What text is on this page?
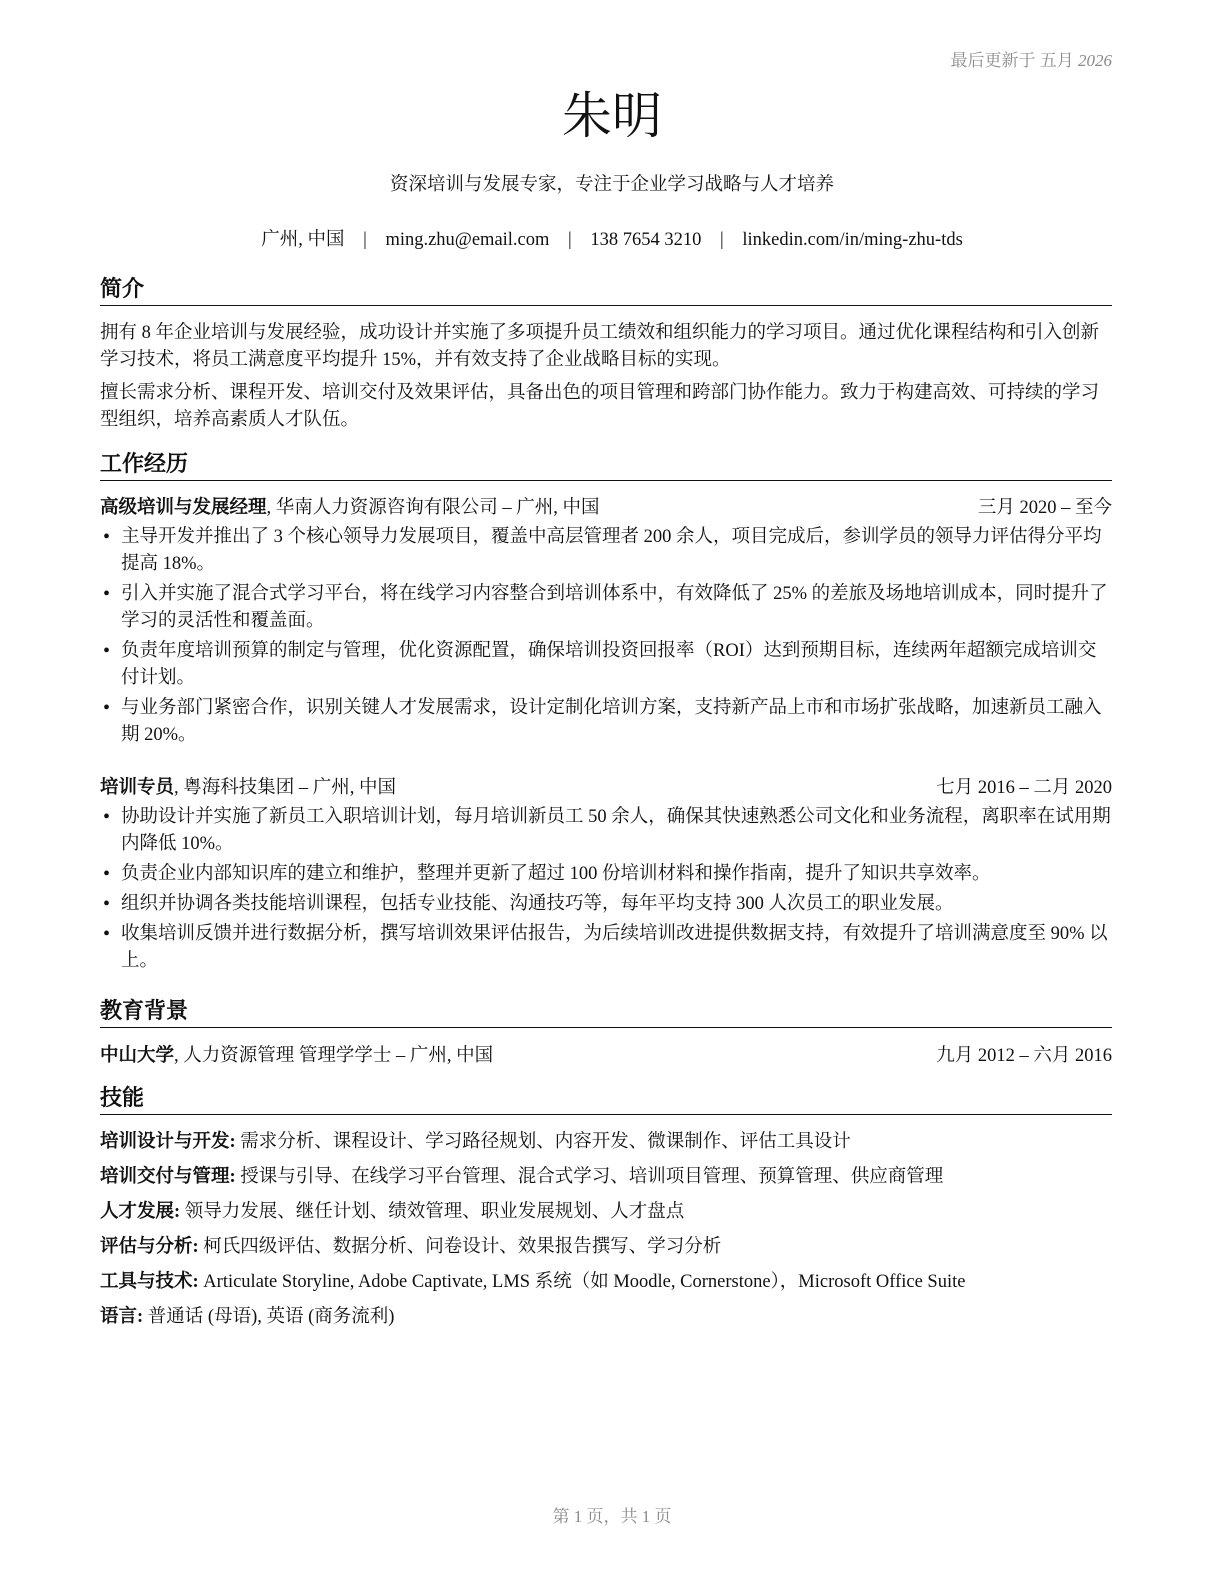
最后更新于 五月 2026
朱明
资深培训与发展专家，专注于企业学习战略与人才培养
广州, 中国 | ming.zhu@email.com | 138 7654 3210 | linkedin.com/in/ming-zhu-tds
简介

拥有 8 年企业培训与发展经验，成功设计并实施了多项提升员工绩效和组织能力的学习项目。通过优化课程结构和引入创新学习技术，将员工满意度平均提升 15%，并有效支持了企业战略目标的实现。

擅长需求分析、课程开发、培训交付及效果评估，具备出色的项目管理和跨部门协作能力。致力于构建高效、可持续的学习型组织，培养高素质人才队伍。

工作经历
高级培训与发展经理, 华南人力资源咨询有限公司 – 广州, 中国	三月 2020 – 至今
• 主导开发并推出了 3 个核心领导力发展项目，覆盖中高层管理者 200 余人，项目完成后，参训学员的领导力评估得分平均提高 18%。
• 引入并实施了混合式学习平台，将在线学习内容整合到培训体系中，有效降低了 25% 的差旅及场地培训成本，同时提升了学习的灵活性和覆盖面。
• 负责年度培训预算的制定与管理，优化资源配置，确保培训投资回报率（ROI）达到预期目标，连续两年超额完成培训交付计划。
• 与业务部门紧密合作，识别关键人才发展需求，设计定制化培训方案，支持新产品上市和市场扩张战略，加速新员工融入期 20%。
培训专员, 粤海科技集团 – 广州, 中国	七月 2016 – 二月 2020
• 协助设计并实施了新员工入职培训计划，每月培训新员工 50 余人，确保其快速熟悉公司文化和业务流程，离职率在试用期内降低 10%。
• 负责企业内部知识库的建立和维护，整理并更新了超过 100 份培训材料和操作指南，提升了知识共享效率。
• 组织并协调各类技能培训课程，包括专业技能、沟通技巧等，每年平均支持 300 人次员工的职业发展。
• 收集培训反馈并进行数据分析，撰写培训效果评估报告，为后续培训改进提供数据支持，有效提升了培训满意度至 90% 以上。
教育背景
中山大学, 人力资源管理 管理学学士 – 广州, 中国	九月 2012 – 六月 2016
技能
培训设计与开发: 需求分析、课程设计、学习路径规划、内容开发、微课制作、评估工具设计
培训交付与管理: 授课与引导、在线学习平台管理、混合式学习、培训项目管理、预算管理、供应商管理
人才发展: 领导力发展、继任计划、绩效管理、职业发展规划、人才盘点
评估与分析: 柯氏四级评估、数据分析、问卷设计、效果报告撰写、学习分析
工具与技术: Articulate Storyline, Adobe Captivate, LMS 系统（如 Moodle, Cornerstone），Microsoft Office Suite
语言: 普通话 (母语), 英语 (商务流利)
第 1 页，共 1 页
